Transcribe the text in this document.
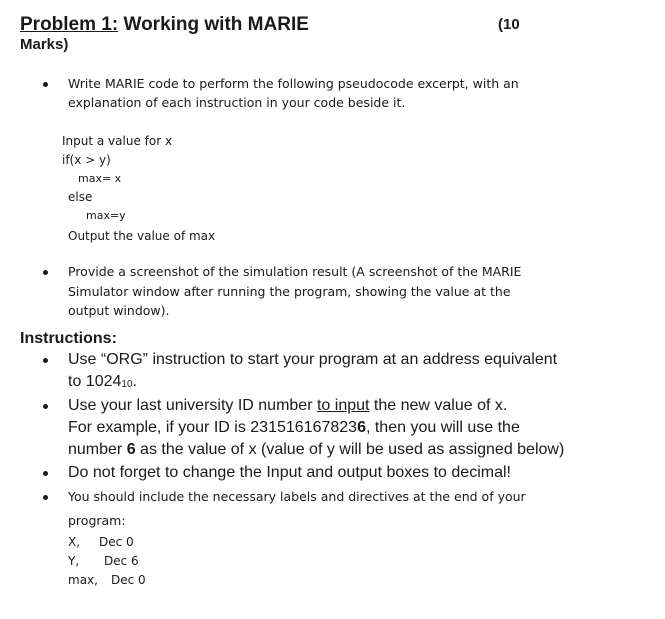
Problem 1: Working with MARIE	(10
Marks)
Write MARIE code to perform the following pseudocode excerpt, with an
explanation of each instruction in your code beside it.
Input a value for x
if(x > y)
max= x
else
max=y
Output the value of max
Provide a screenshot of the simulation result (A screenshot of the MARIE
Simulator window after running the program, showing the value at the
output window).
Instructions:
Use “ORG” instruction to start your program at an address equivalent
to $1024_{10}$.
Use your last university ID number to input the new value of x.
For example, if your ID is 2315161678236, then you will use the
number 6 as the value of x (value of y will be used as assigned below)
Do not forget to change the Input and output boxes to decimal!
You should include the necessary labels and directives at the end of your
program:
X, Dec 0
Y, Dec 6
max, Dec 0
